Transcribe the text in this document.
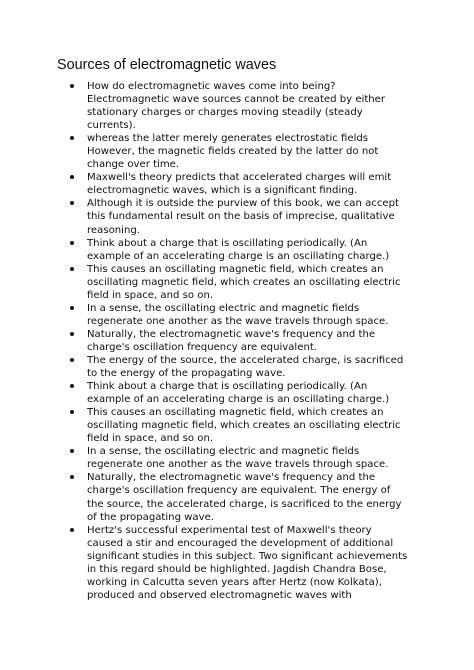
Sources of electromagnetic waves
How do electromagnetic waves come into being?
Electromagnetic wave sources cannot be created by either
stationary charges or charges moving steadily (steady
currents).
whereas the latter merely generates electrostatic fields
However, the magnetic fields created by the latter do not
change over time.
Maxwell's theory predicts that accelerated charges will emit
electromagnetic waves, which is a significant finding.
Although it is outside the purview of this book, we can accept
this fundamental result on the basis of imprecise, qualitative
reasoning.
Think about a charge that is oscillating periodically. (An
example of an accelerating charge is an oscillating charge.)
This causes an oscillating magnetic field, which creates an
oscillating magnetic field, which creates an oscillating electric
field in space, and so on.
In a sense, the oscillating electric and magnetic fields
regenerate one another as the wave travels through space.
Naturally, the electromagnetic wave's frequency and the
charge's oscillation frequency are equivalent.
The energy of the source, the accelerated charge, is sacrificed
to the energy of the propagating wave.
Think about a charge that is oscillating periodically. (An
example of an accelerating charge is an oscillating charge.)
This causes an oscillating magnetic field, which creates an
oscillating magnetic field, which creates an oscillating electric
field in space, and so on.
In a sense, the oscillating electric and magnetic fields
regenerate one another as the wave travels through space.
Naturally, the electromagnetic wave's frequency and the
charge's oscillation frequency are equivalent. The energy of
the source, the accelerated charge, is sacrificed to the energy
of the propagating wave.
Hertz's successful experimental test of Maxwell's theory
caused a stir and encouraged the development of additional
significant studies in this subject. Two significant achievements
in this regard should be highlighted. Jagdish Chandra Bose,
working in Calcutta seven years after Hertz (now Kolkata),
produced and observed electromagnetic waves with
